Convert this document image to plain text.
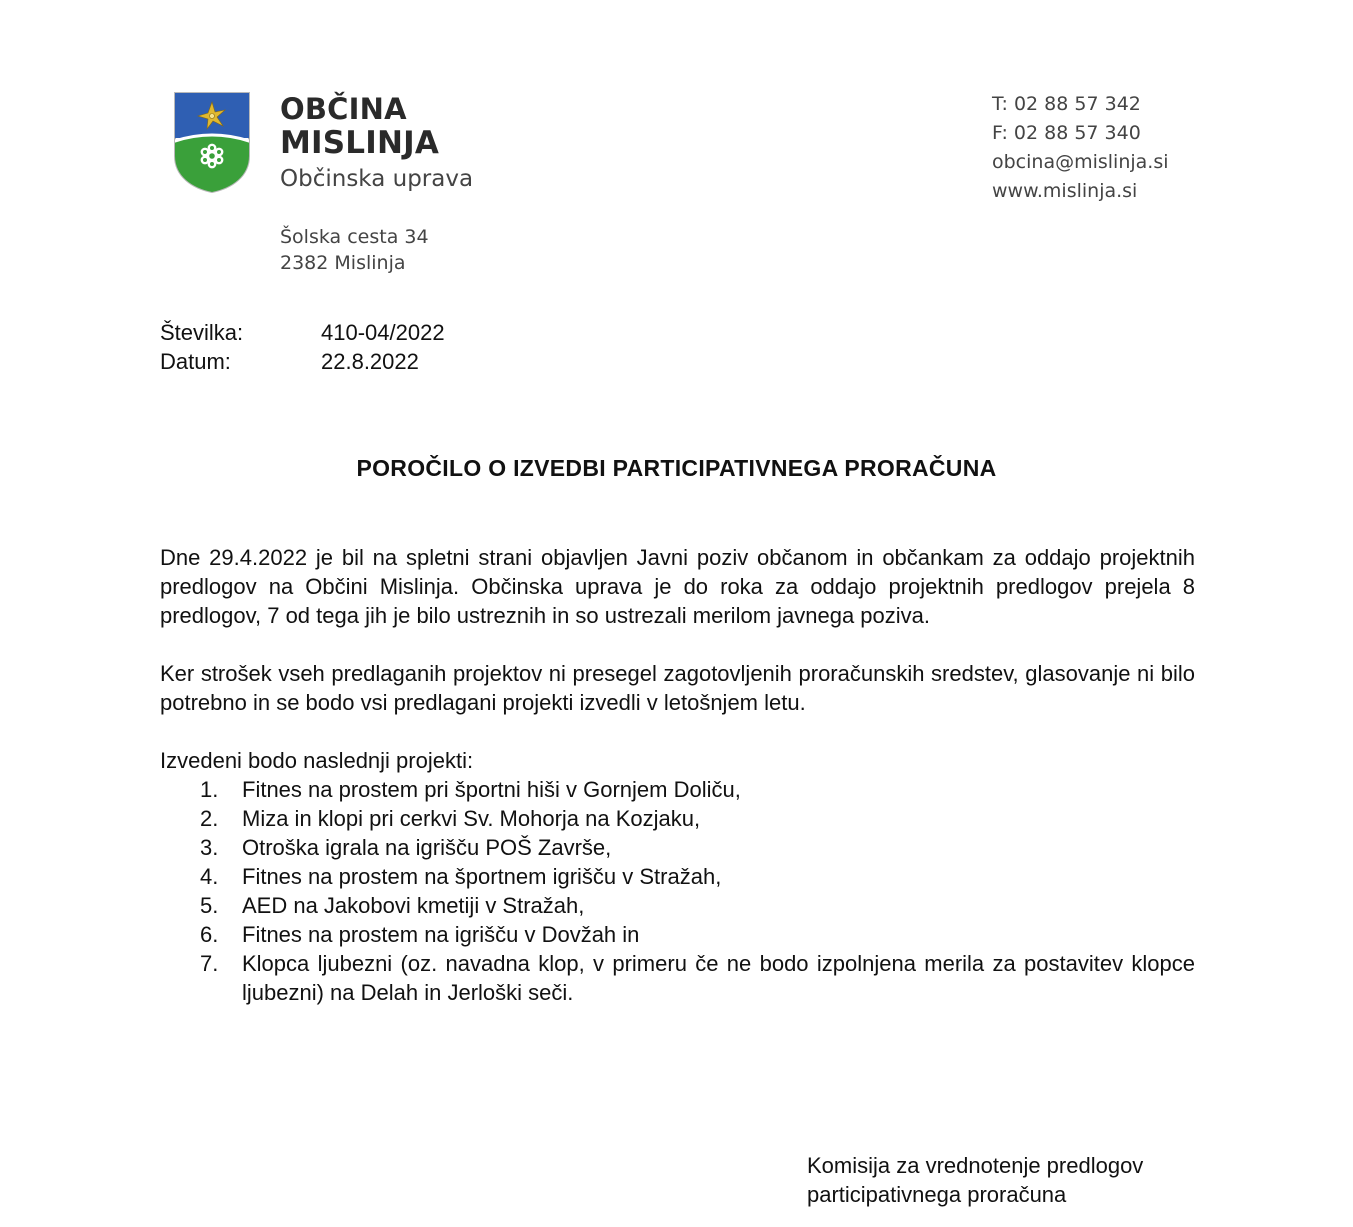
OBČINA
MISLINJA
Občinska uprava
Šolska cesta 34
2382 Mislinja
T: 02 88 57 342
F: 02 88 57 340
obcina@mislinja.si
www.mislinja.si
Številka:	410-04/2022
Datum:	22.8.2022
POROČILO O IZVEDBI PARTICIPATIVNEGA PRORAČUNA

Dne 29.4.2022 je bil na spletni strani objavljen Javni poziv občanom in občankam za oddajo projektnih predlogov na Občini Mislinja. Občinska uprava je do roka za oddajo projektnih predlogov prejela 8 predlogov, 7 od tega jih je bilo ustreznih in so ustrezali merilom javnega poziva.

Ker strošek vseh predlaganih projektov ni presegel zagotovljenih proračunskih sredstev, glasovanje ni bilo potrebno in se bodo vsi predlagani projekti izvedli v letošnjem letu.

Izvedeni bodo naslednji projekti:

1. Fitnes na prostem pri športni hiši v Gornjem Doliču,
2. Miza in klopi pri cerkvi Sv. Mohorja na Kozjaku,
3. Otroška igrala na igrišču POŠ Završe,
4. Fitnes na prostem na športnem igrišču v Stražah,
5. AED na Jakobovi kmetiji v Stražah,
6. Fitnes na prostem na igrišču v Dovžah in
7. Klopca ljubezni (oz. navadna klop, v primeru če ne bodo izpolnjena merila za postavitev klopce ljubezni) na Delah in Jerloški seči.
Komisija za vrednotenje predlogov
participativnega proračuna
